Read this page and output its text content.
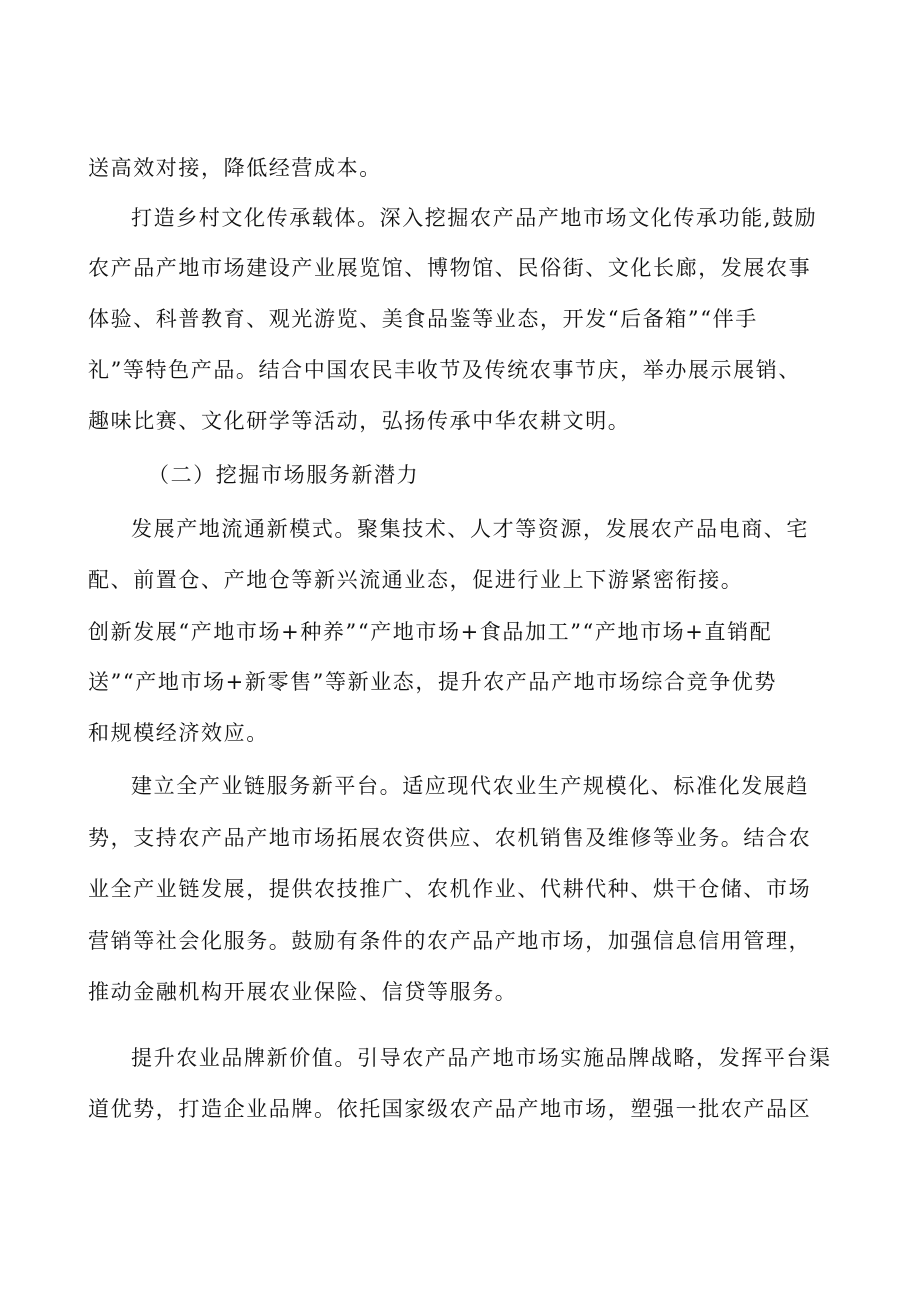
送高效对接，降低经营成本。
打造乡村文化传承载体。深入挖掘农产品产地市场文化传承功能,鼓励
农产品产地市场建设产业展览馆、博物馆、民俗街、文化长廊，发展农事
体验、科普教育、观光游览、美食品鉴等业态，开发“后备箱”“伴手
礼”等特色产品。结合中国农民丰收节及传统农事节庆，举办展示展销、
趣味比赛、文化研学等活动，弘扬传承中华农耕文明。
（二）挖掘市场服务新潜力
发展产地流通新模式。聚集技术、人才等资源，发展农产品电商、宅
配、前置仓、产地仓等新兴流通业态，促进行业上下游紧密衔接。
创新发展“产地市场+种养”“产地市场+食品加工”“产地市场+直销配
送”“产地市场+新零售”等新业态，提升农产品产地市场综合竞争优势
和规模经济效应。
建立全产业链服务新平台。适应现代农业生产规模化、标准化发展趋
势，支持农产品产地市场拓展农资供应、农机销售及维修等业务。结合农
业全产业链发展，提供农技推广、农机作业、代耕代种、烘干仓储、市场
营销等社会化服务。鼓励有条件的农产品产地市场，加强信息信用管理，
推动金融机构开展农业保险、信贷等服务。
提升农业品牌新价值。引导农产品产地市场实施品牌战略，发挥平台渠
道优势，打造企业品牌。依托国家级农产品产地市场，塑强一批农产品区
